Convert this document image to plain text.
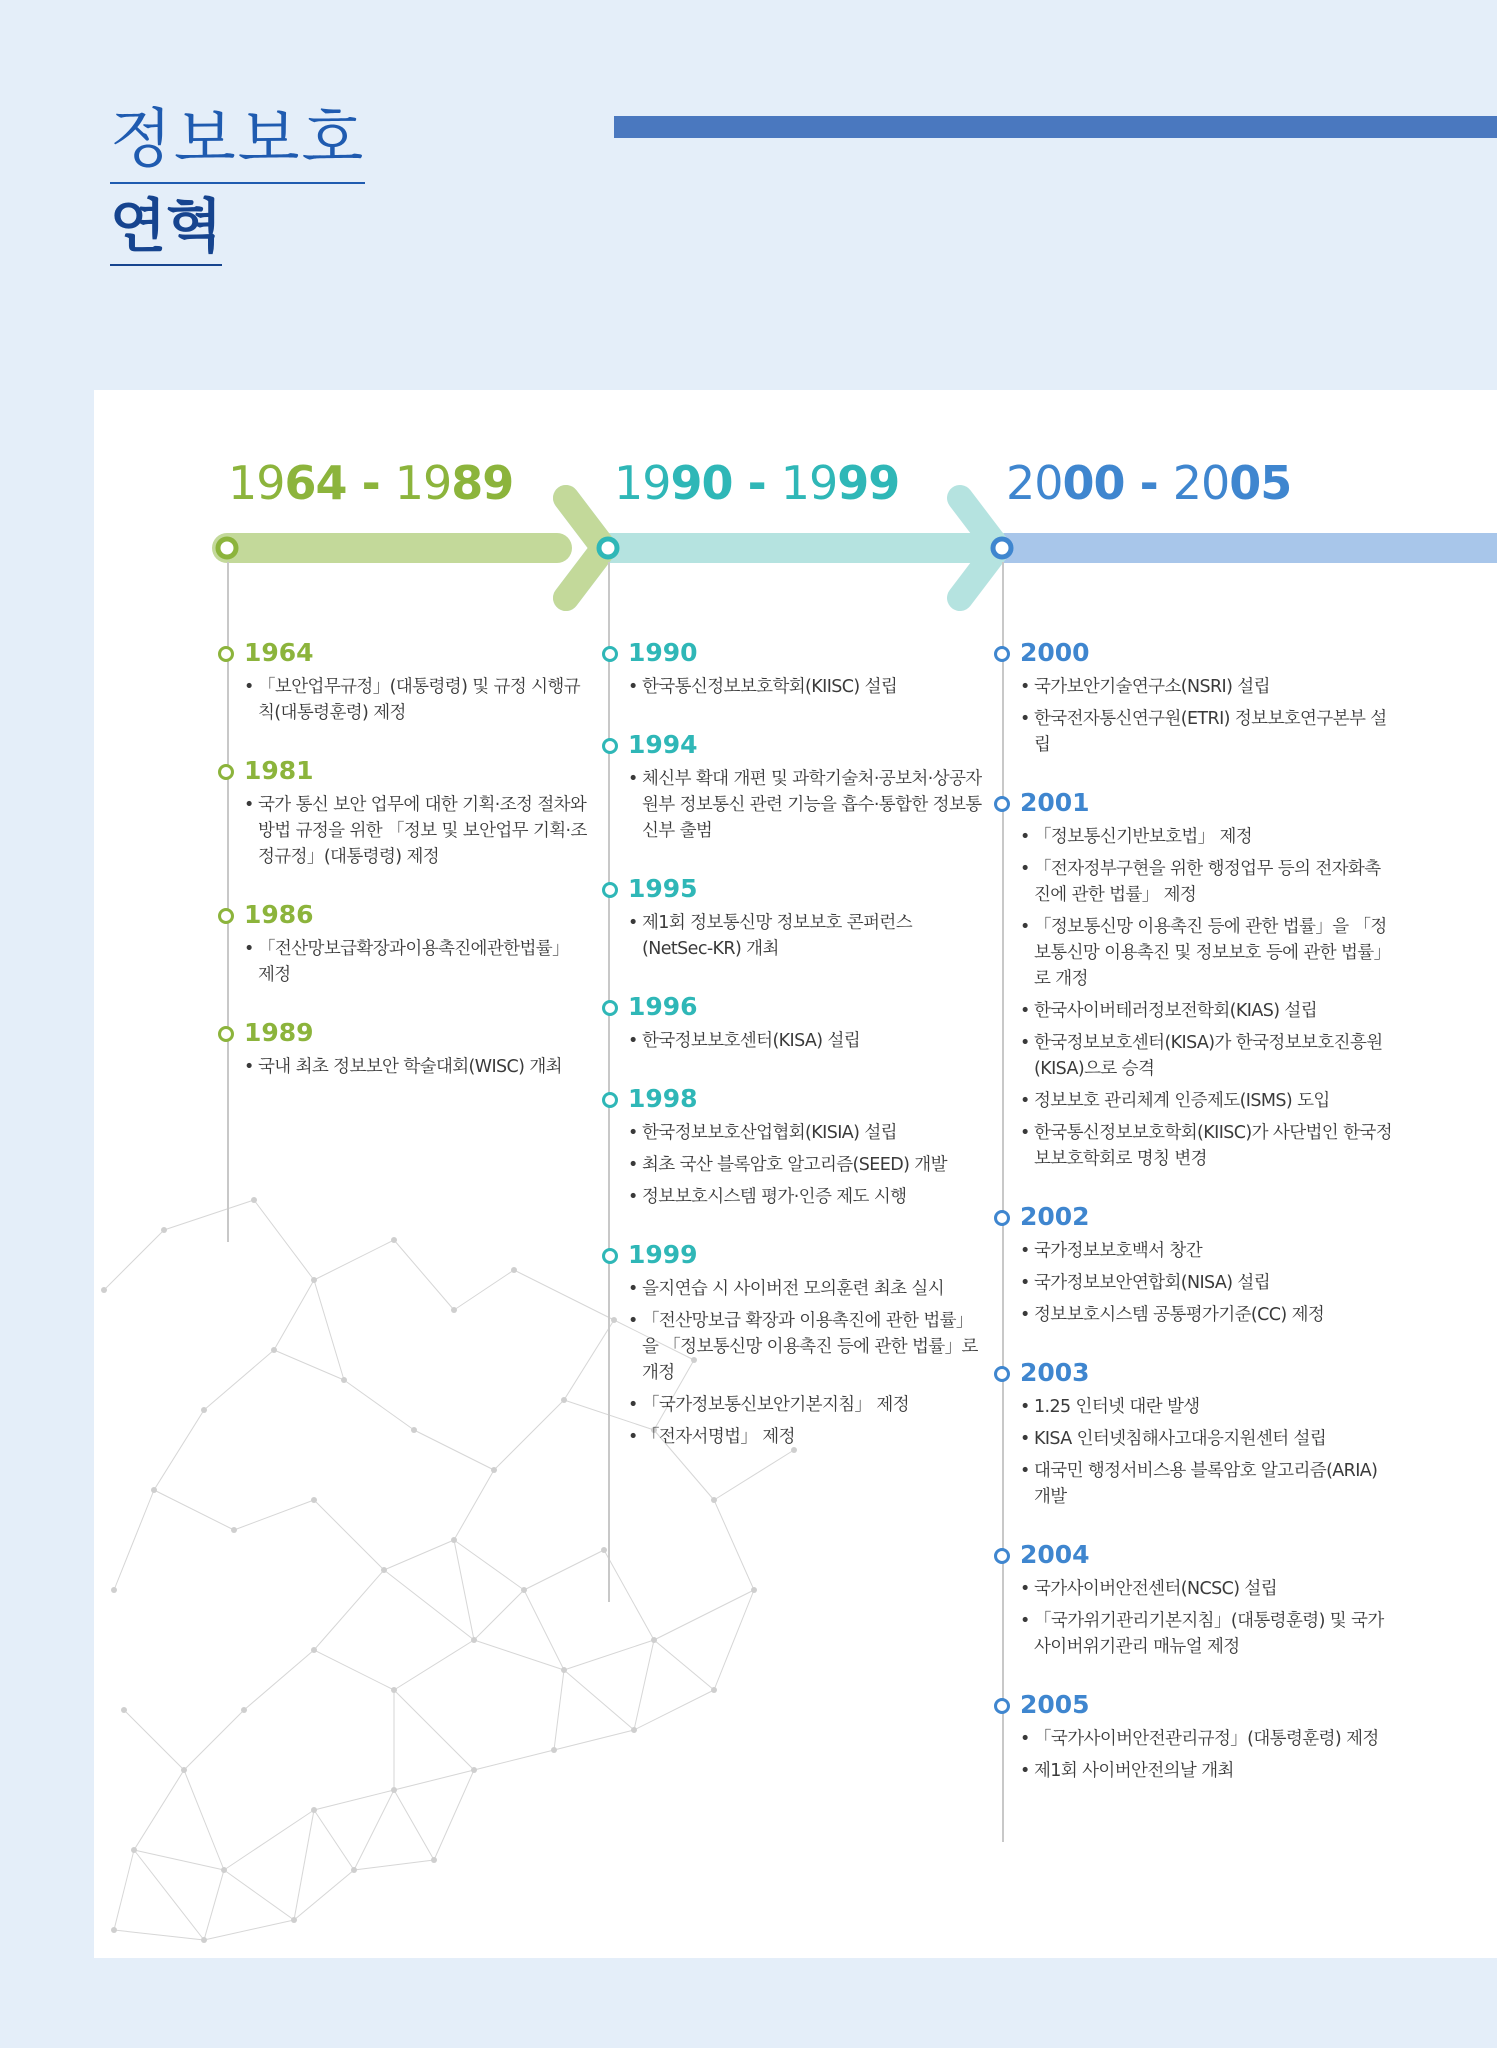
정보보호
연혁
1964 - 1989 1990 - 1999 2000 - 2005
1964
• 「보안업무규정」(대통령령) 및 규정 시행규칙(대통령훈령) 제정
1981
• 국가 통신 보안 업무에 대한 기획·조정 절차와 방법 규정을 위한 「정보 및 보안업무 기획·조정규정」(대통령령) 제정
1986
• 「전산망보급확장과이용촉진에관한법률」 제정
1989
• 국내 최초 정보보안 학술대회(WISC) 개최
1990
• 한국통신정보보호학회(KIISC) 설립
1994
• 체신부 확대 개편 및 과학기술처·공보처·상공자원부 정보통신 관련 기능을 흡수·통합한 정보통신부 출범
1995
• 제1회 정보통신망 정보보호 콘퍼런스 (NetSec-KR) 개최
1996
• 한국정보보호센터(KISA) 설립
1998
• 한국정보보호산업협회(KISIA) 설립
• 최초 국산 블록암호 알고리즘(SEED) 개발
• 정보보호시스템 평가·인증 제도 시행
1999
• 을지연습 시 사이버전 모의훈련 최초 실시
• 「전산망보급 확장과 이용촉진에 관한 법률」을 「정보통신망 이용촉진 등에 관한 법률」로 개정
• 「국가정보통신보안기본지침」 제정
• 「전자서명법」 제정
2000
• 국가보안기술연구소(NSRI) 설립
• 한국전자통신연구원(ETRI) 정보보호연구본부 설립
2001
• 「정보통신기반보호법」 제정
• 「전자정부구현을 위한 행정업무 등의 전자화촉진에 관한 법률」 제정
• 「정보통신망 이용촉진 등에 관한 법률」을 「정보통신망 이용촉진 및 정보보호 등에 관한 법률」로 개정
• 한국사이버테러정보전학회(KIAS) 설립
• 한국정보보호센터(KISA)가 한국정보보호진흥원(KISA)으로 승격
• 정보보호 관리체계 인증제도(ISMS) 도입
• 한국통신정보보호학회(KIISC)가 사단법인 한국정보보호학회로 명칭 변경
2002
• 국가정보보호백서 창간
• 국가정보보안연합회(NISA) 설립
• 정보보호시스템 공통평가기준(CC) 제정
2003
• 1.25 인터넷 대란 발생
• KISA 인터넷침해사고대응지원센터 설립
• 대국민 행정서비스용 블록암호 알고리즘(ARIA) 개발
2004
• 국가사이버안전센터(NCSC) 설립
• 「국가위기관리기본지침」(대통령훈령) 및 국가사이버위기관리 매뉴얼 제정
2005
• 「국가사이버안전관리규정」(대통령훈령) 제정
• 제1회 사이버안전의날 개최
